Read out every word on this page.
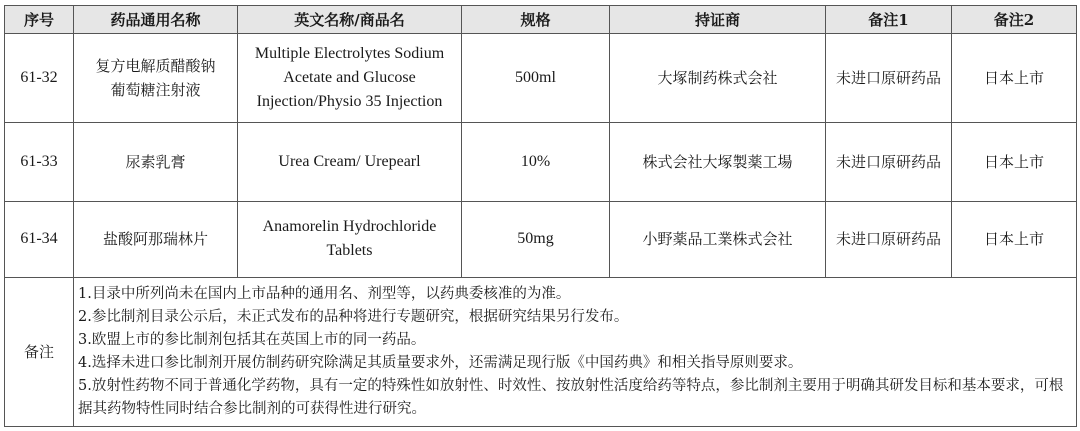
序号	药品通用名称	英文名称/商品名	规格	持证商	备注1	备注2
61-32	复方电解质醋酸钠葡萄糖注射液	Multiple Electrolytes Sodium Acetate and Glucose Injection/Physio 35 Injection	500ml	大塚制药株式会社	未进口原研药品	日本上市
61-33	尿素乳膏	Urea Cream/ Urepearl	10%	株式会社大塚製薬工場	未进口原研药品	日本上市
61-34	盐酸阿那瑞林片	Anamorelin Hydrochloride Tablets	50mg	小野薬品工業株式会社	未进口原研药品	日本上市
备注	1.目录中所列尚未在国内上市品种的通用名、剂型等，以药典委核准的为准。
2.参比制剂目录公示后，未正式发布的品种将进行专题研究，根据研究结果另行发布。
3.欧盟上市的参比制剂包括其在英国上市的同一药品。
4.选择未进口参比制剂开展仿制药研究除满足其质量要求外，还需满足现行版《中国药典》和相关指导原则要求。
5.放射性药物不同于普通化学药物，具有一定的特殊性如放射性、时效性、按放射性活度给药等特点，参比制剂主要用于明确其研发目标和基本要求，可根据其药物特性同时结合参比制剂的可获得性进行研究。					
